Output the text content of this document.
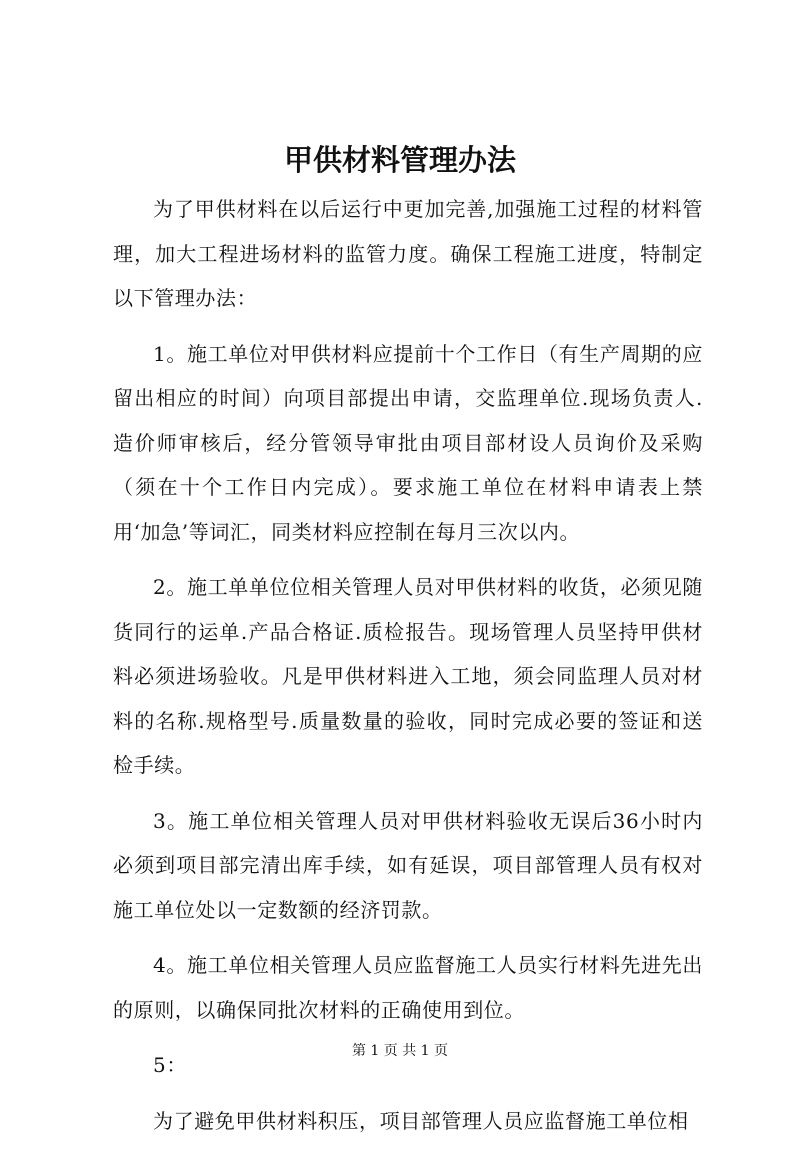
甲供材料管理办法

为了甲供材料在以后运行中更加完善,加强施工过程的材料管理，加大工程进场材料的监管力度。确保工程施工进度，特制定以下管理办法：

1。施工单位对甲供材料应提前十个工作日（有生产周期的应留出相应的时间）向项目部提出申请，交监理单位.现场负责人.造价师审核后，经分管领导审批由项目部材设人员询价及采购（须在十个工作日内完成）。要求施工单位在材料申请表上禁用‘加急’等词汇，同类材料应控制在每月三次以内。

2。施工单单位位相关管理人员对甲供材料的收货，必须见随货同行的运单.产品合格证.质检报告。现场管理人员坚持甲供材料必须进场验收。凡是甲供材料进入工地，须会同监理人员对材料的名称.规格型号.质量数量的验收，同时完成必要的签证和送检手续。

3。施工单位相关管理人员对甲供材料验收无误后36小时内必须到项目部完清出库手续，如有延误，项目部管理人员有权对施工单位处以一定数额的经济罚款。

4。施工单位相关管理人员应监督施工人员实行材料先进先出的原则，以确保同批次材料的正确使用到位。

5：

为了避免甲供材料积压，项目部管理人员应监督施工单位相

第 1 页 共 1 页
